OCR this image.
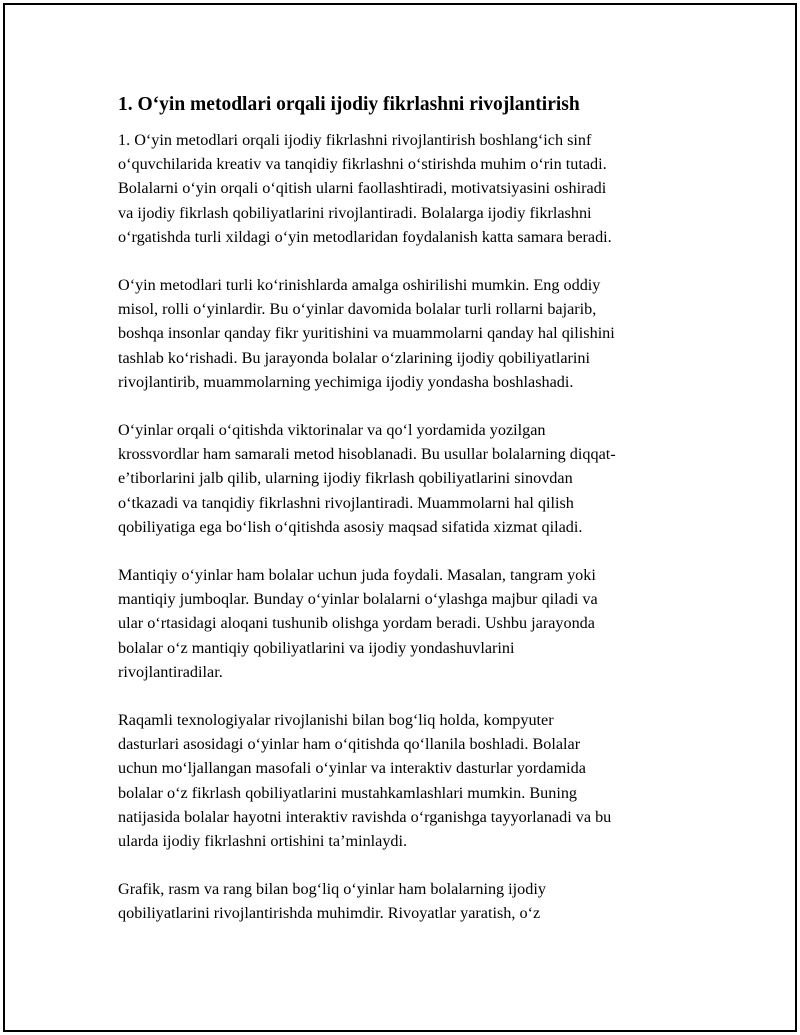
1. O‘yin metodlari orqali ijodiy fikrlashni rivojlantirish

1. O‘yin metodlari orqali ijodiy fikrlashni rivojlantirish boshlang‘ich sinf
o‘quvchilarida kreativ va tanqidiy fikrlashni o‘stirishda muhim o‘rin tutadi.
Bolalarni o‘yin orqali o‘qitish ularni faollashtiradi, motivatsiyasini oshiradi
va ijodiy fikrlash qobiliyatlarini rivojlantiradi. Bolalarga ijodiy fikrlashni
o‘rgatishda turli xildagi o‘yin metodlaridan foydalanish katta samara beradi.

O‘yin metodlari turli ko‘rinishlarda amalga oshirilishi mumkin. Eng oddiy
misol, rolli o‘yinlardir. Bu o‘yinlar davomida bolalar turli rollarni bajarib,
boshqa insonlar qanday fikr yuritishini va muammolarni qanday hal qilishini
tashlab ko‘rishadi. Bu jarayonda bolalar o‘zlarining ijodiy qobiliyatlarini
rivojlantirib, muammolarning yechimiga ijodiy yondasha boshlashadi.

O‘yinlar orqali o‘qitishda viktorinalar va qo‘l yordamida yozilgan
krossvordlar ham samarali metod hisoblanadi. Bu usullar bolalarning diqqat-
e’tiborlarini jalb qilib, ularning ijodiy fikrlash qobiliyatlarini sinovdan
o‘tkazadi va tanqidiy fikrlashni rivojlantiradi. Muammolarni hal qilish
qobiliyatiga ega bo‘lish o‘qitishda asosiy maqsad sifatida xizmat qiladi.

Mantiqiy o‘yinlar ham bolalar uchun juda foydali. Masalan, tangram yoki
mantiqiy jumboqlar. Bunday o‘yinlar bolalarni o‘ylashga majbur qiladi va
ular o‘rtasidagi aloqani tushunib olishga yordam beradi. Ushbu jarayonda
bolalar o‘z mantiqiy qobiliyatlarini va ijodiy yondashuvlarini
rivojlantiradilar.

Raqamli texnologiyalar rivojlanishi bilan bog‘liq holda, kompyuter
dasturlari asosidagi o‘yinlar ham o‘qitishda qo‘llanila boshladi. Bolalar
uchun mo‘ljallangan masofali o‘yinlar va interaktiv dasturlar yordamida
bolalar o‘z fikrlash qobiliyatlarini mustahkamlashlari mumkin. Buning
natijasida bolalar hayotni interaktiv ravishda o‘rganishga tayyorlanadi va bu
ularda ijodiy fikrlashni ortishini ta’minlaydi.

Grafik, rasm va rang bilan bog‘liq o‘yinlar ham bolalarning ijodiy
qobiliyatlarini rivojlantirishda muhimdir. Rivoyatlar yaratish, o‘z
